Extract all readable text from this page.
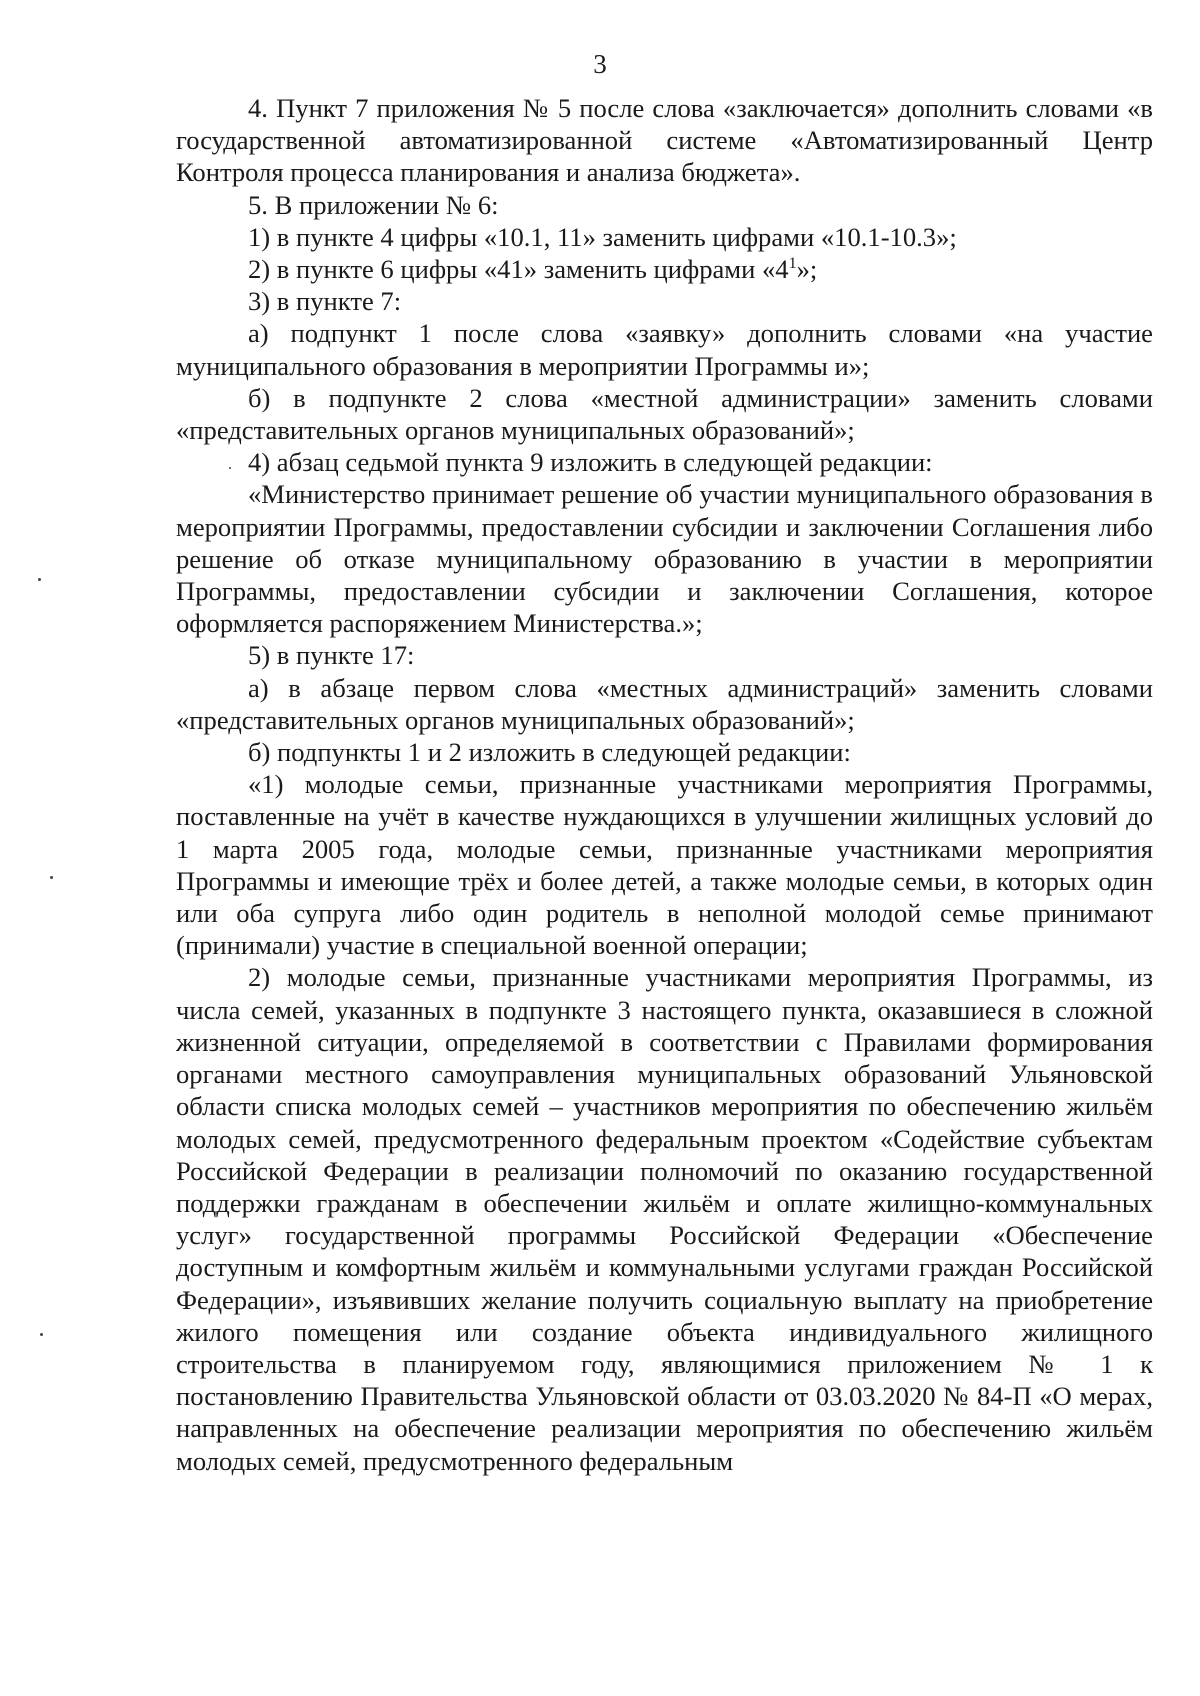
3

4. Пункт 7 приложения № 5 после слова «заключается» дополнить словами «в государственной автоматизированной системе «Автоматизированный Центр Контроля процесса планирования и анализа бюджета».

5. В приложении № 6:

1) в пункте 4 цифры «10.1, 11» заменить цифрами «10.1-10.3»;

2) в пункте 6 цифры «41» заменить цифрами «$4^1$»;

3) в пункте 7:

а) подпункт 1 после слова «заявку» дополнить словами «на участие муниципального образования в мероприятии Программы и»;

б) в подпункте 2 слова «местной администрации» заменить словами «представительных органов муниципальных образований»;

4) абзац седьмой пункта 9 изложить в следующей редакции:

«Министерство принимает решение об участии муниципального образования в мероприятии Программы, предоставлении субсидии и заключении Соглашения либо решение об отказе муниципальному образованию в участии в мероприятии Программы, предоставлении субсидии и заключении Соглашения, которое оформляется распоряжением Министерства.»;

5) в пункте 17:

а) в абзаце первом слова «местных администраций» заменить словами «представительных органов муниципальных образований»;

б) подпункты 1 и 2 изложить в следующей редакции:

«1) молодые семьи, признанные участниками мероприятия Программы, поставленные на учёт в качестве нуждающихся в улучшении жилищных условий до 1 марта 2005 года, молодые семьи, признанные участниками мероприятия Программы и имеющие трёх и более детей, а также молодые семьи, в которых один или оба супруга либо один родитель в неполной молодой семье принимают (принимали) участие в специальной военной операции;

2) молодые семьи, признанные участниками мероприятия Программы, из числа семей, указанных в подпункте 3 настоящего пункта, оказавшиеся в сложной жизненной ситуации, определяемой в соответствии с Правилами формирования органами местного самоуправления муниципальных образований Ульяновской области списка молодых семей – участников мероприятия по обеспечению жильём молодых семей, предусмотренного федеральным проектом «Содействие субъектам Российской Федерации в реализации полномочий по оказанию государственной поддержки гражданам в обеспечении жильём и оплате жилищно-коммунальных услуг» государственной программы Российской Федерации «Обеспечение доступным и комфортным жильём и коммунальными услугами граждан Российской Федерации», изъявивших желание получить социальную выплату на приобретение жилого помещения или создание объекта индивидуального жилищного строительства в планируемом году, являющимися приложением № 1 к постановлению Правительства Ульяновской области от 03.03.2020 № 84-П «О мерах, направленных на обеспечение реализации мероприятия по обеспечению жильём молодых семей, предусмотренного федеральным
